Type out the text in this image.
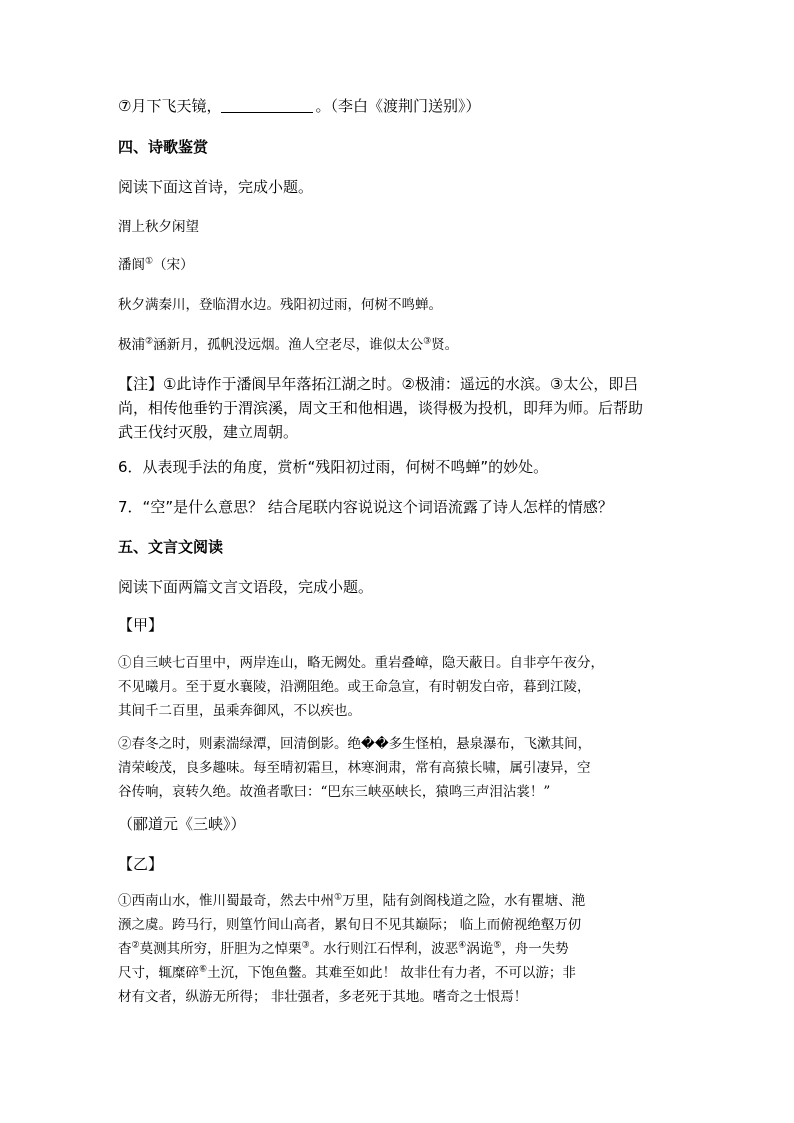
⑦月下飞天镜，	。（李白《渡荆门送别》）
四、诗歌鉴赏
阅读下面这首诗，完成小题。
渭上秋夕闲望
潘阆①（宋）
秋夕满秦川，登临渭水边。残阳初过雨，何树不鸣蝉。
极浦②涵新月，孤帆没远烟。渔人空老尽，谁似太公③贤。
【注】①此诗作于潘阆早年落拓江湖之时。②极浦：遥远的水滨。③太公，即吕
尚，相传他垂钓于渭滨溪，周文王和他相遇，谈得极为投机，即拜为师。后帮助
武王伐纣灭殷，建立周朝。
6．从表现手法的角度，赏析“残阳初过雨，何树不鸣蝉”的妙处。
7．“空”是什么意思？ 结合尾联内容说说这个词语流露了诗人怎样的情感？
五、文言文阅读
阅读下面两篇文言文语段，完成小题。
【甲】
①自三峡七百里中，两岸连山，略无阙处。重岩叠嶂，隐天蔽日。自非亭午夜分，
不见曦月。至于夏水襄陵，沿溯阻绝。或王命急宣，有时朝发白帝，暮到江陵，
其间千二百里，虽乘奔御风，不以疾也。
②春冬之时，则素湍绿潭，回清倒影。绝��多生怪柏，悬泉瀑布，飞漱其间，
清荣峻茂，良多趣味。每至晴初霜旦，林寒涧肃，常有高猿长啸，属引凄异，空
谷传响，哀转久绝。故渔者歌曰：“巴东三峡巫峡长，猿鸣三声泪沾裳！”
（郦道元《三峡》）
【乙】
①西南山水，惟川蜀最奇，然去中州①万里，陆有剑阁栈道之险，水有瞿塘、滟
滪之虞。跨马行，则篁竹间山高者，累旬日不见其巅际； 临上而俯视绝壑万仞
杳②莫测其所穷，肝胆为之悼栗③。水行则江石悍利，波恶④涡诡⑤，舟一失势
尺寸，辄糜碎⑥土沉，下饱鱼鳖。其难至如此！ 故非仕有力者，不可以游；非
材有文者，纵游无所得； 非壮强者，多老死于其地。嗜奇之士恨焉！
